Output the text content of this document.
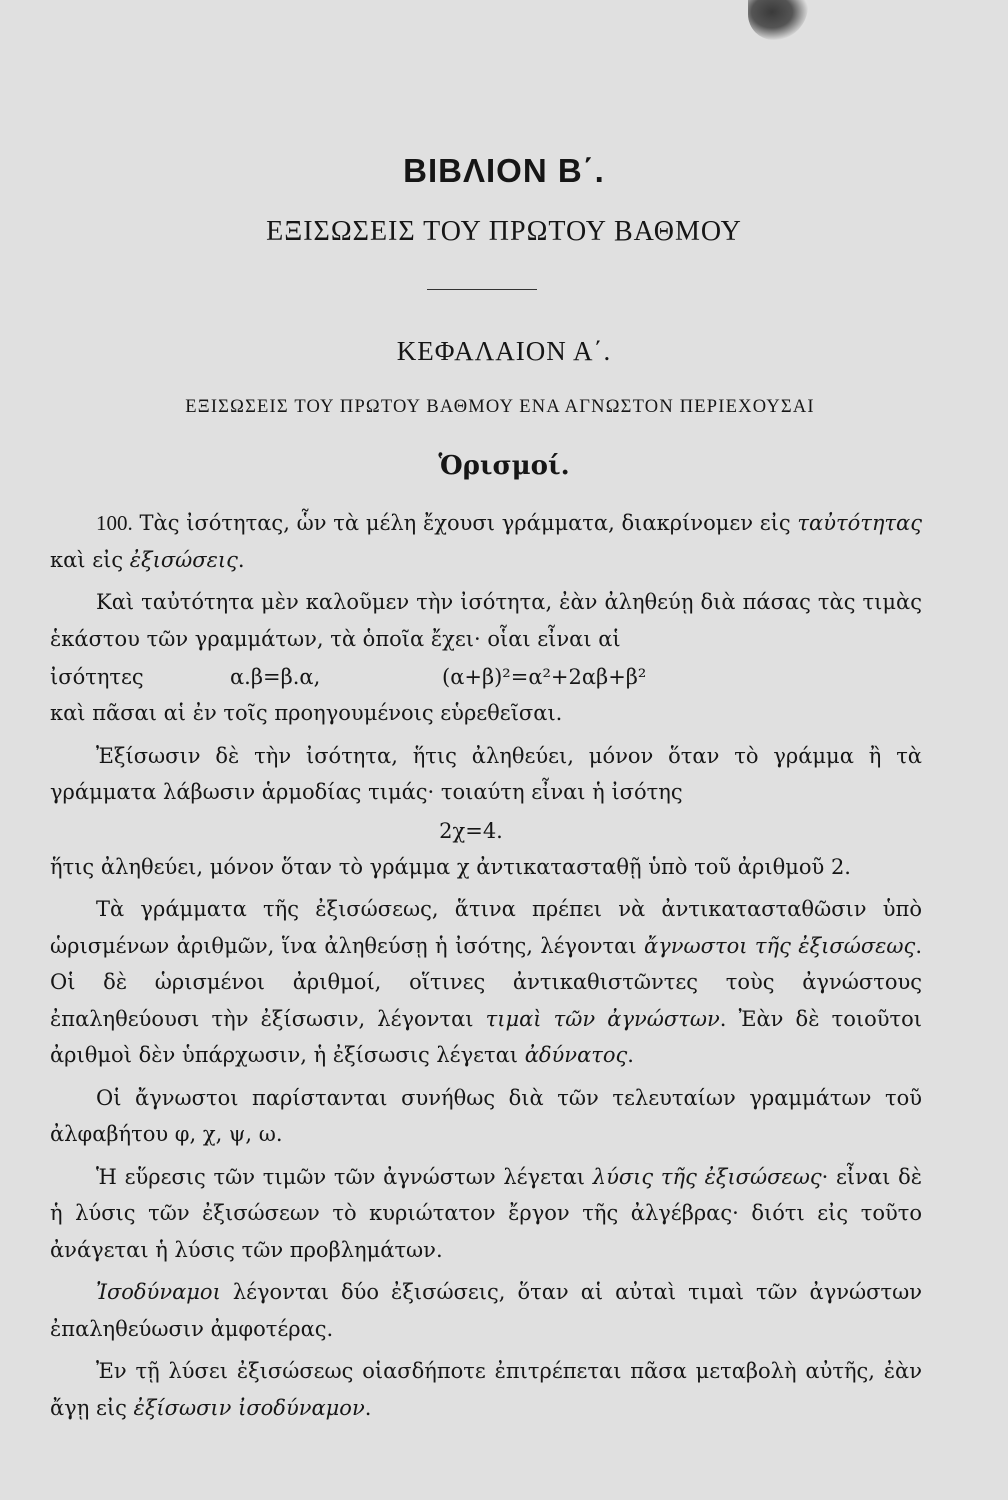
ΒΙΒΛΙΟΝ Β΄.
ΕΞΙΣΩΣΕΙΣ ΤΟΥ ΠΡΩΤΟΥ ΒΑΘΜΟΥ
ΚΕΦΑΛΑΙΟΝ Α΄.
ΕΞΙΣΩΣΕΙΣ ΤΟΥ ΠΡΩΤΟΥ ΒΑΘΜΟΥ ΕΝΑ ΑΓΝΩΣΤΟΝ ΠΕΡΙΕΧΟΥΣΑΙ
Ὁρισμοί.

100. Τὰς ἰσότητας, ὧν τὰ μέλη ἔχουσι γράμματα, διακρίνομεν εἰς ταὐτότητας καὶ εἰς ἐξισώσεις.

Καὶ ταὐτότητα μὲν καλοῦμεν τὴν ἰσότητα, ἐὰν ἀληθεύῃ διὰ πάσας τὰς τιμὰς ἑκάστου τῶν γραμμάτων, τὰ ὁποῖα ἔχει· οἷαι εἶναι αἱ

ἰσότητες	α.β=β.α,	(α+β)²=α²+2αβ+β²

καὶ πᾶσαι αἱ ἐν τοῖς προηγουμένοις εὑρεθεῖσαι.

Ἐξίσωσιν δὲ τὴν ἰσότητα, ἥτις ἀληθεύει, μόνον ὅταν τὸ γράμμα ἢ τὰ γράμματα λάβωσιν ἁρμοδίας τιμάς· τοιαύτη εἶναι ἡ ἰσότης

2χ=4.

ἥτις ἀληθεύει, μόνον ὅταν τὸ γράμμα χ ἀντικατασταθῇ ὑπὸ τοῦ ἀριθμοῦ 2.

Τὰ γράμματα τῆς ἐξισώσεως, ἅτινα πρέπει νὰ ἀντικατασταθῶσιν ὑπὸ ὡρισμένων ἀριθμῶν, ἵνα ἀληθεύσῃ ἡ ἰσότης, λέγονται ἄγνωστοι τῆς ἐξισώσεως. Οἱ δὲ ὡρισμένοι ἀριθμοί, οἵτινες ἀντικαθιστῶντες τοὺς ἀγνώστους ἐπαληθεύουσι τὴν ἐξίσωσιν, λέγονται τιμαὶ τῶν ἀγνώστων. Ἐὰν δὲ τοιοῦτοι ἀριθμοὶ δὲν ὑπάρχωσιν, ἡ ἐξίσωσις λέγεται ἀδύνατος.

Οἱ ἄγνωστοι παρίστανται συνήθως διὰ τῶν τελευταίων γραμμάτων τοῦ ἀλφαβήτου φ, χ, ψ, ω.

Ἡ εὕρεσις τῶν τιμῶν τῶν ἀγνώστων λέγεται λύσις τῆς ἐξισώσεως· εἶναι δὲ ἡ λύσις τῶν ἐξισώσεων τὸ κυριώτατον ἔργον τῆς ἀλγέβρας· διότι εἰς τοῦτο ἀνάγεται ἡ λύσις τῶν προβλημάτων.

Ἰσοδύναμοι λέγονται δύο ἐξισώσεις, ὅταν αἱ αὐταὶ τιμαὶ τῶν ἀγνώστων ἐπαληθεύωσιν ἀμφοτέρας.

Ἐν τῇ λύσει ἐξισώσεως οἱασδήποτε ἐπιτρέπεται πᾶσα μεταβολὴ αὐτῆς, ἐὰν ἄγῃ εἰς ἐξίσωσιν ἰσοδύναμον.
